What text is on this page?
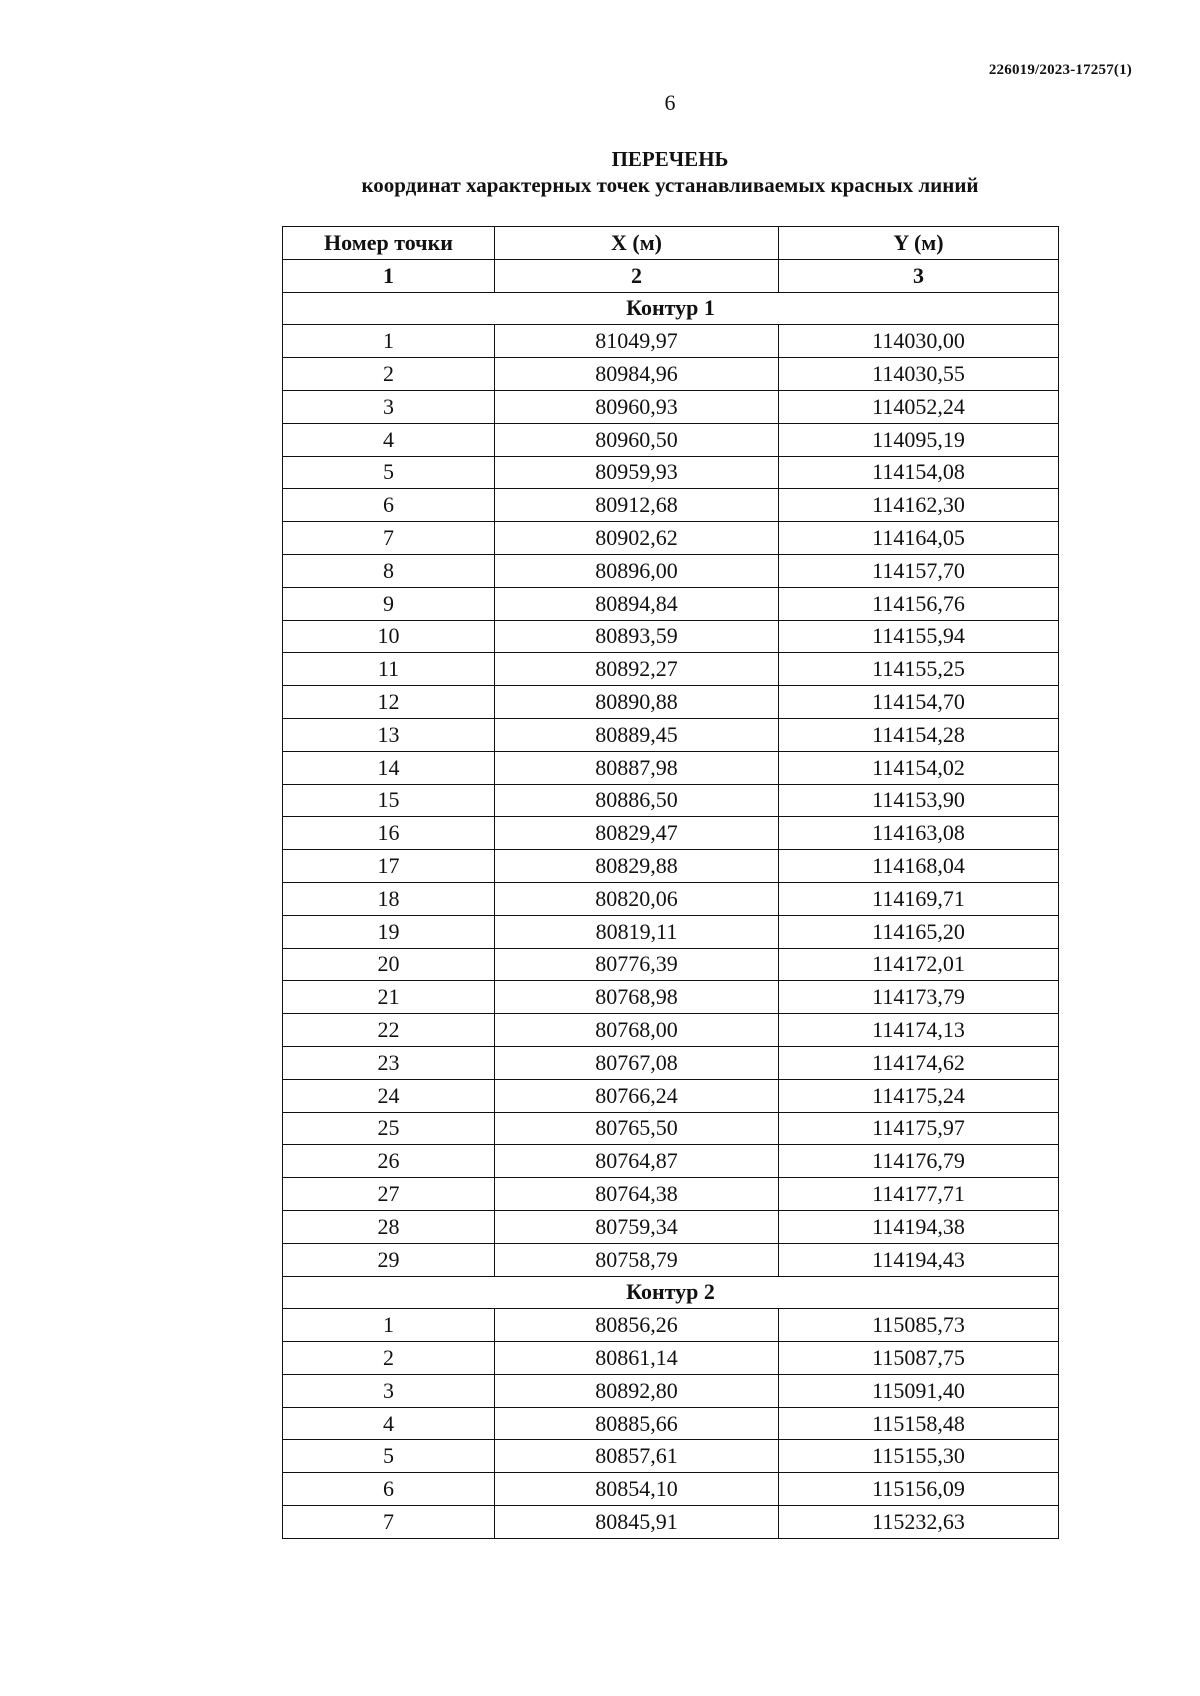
226019/2023-17257(1)
6
ПЕРЕЧЕНЬ
координат характерных точек устанавливаемых красных линий
Номер точки	X (м)	Y (м)
1	2	3
Контур 1		
1	81049,97	114030,00
2	80984,96	114030,55
3	80960,93	114052,24
4	80960,50	114095,19
5	80959,93	114154,08
6	80912,68	114162,30
7	80902,62	114164,05
8	80896,00	114157,70
9	80894,84	114156,76
10	80893,59	114155,94
11	80892,27	114155,25
12	80890,88	114154,70
13	80889,45	114154,28
14	80887,98	114154,02
15	80886,50	114153,90
16	80829,47	114163,08
17	80829,88	114168,04
18	80820,06	114169,71
19	80819,11	114165,20
20	80776,39	114172,01
21	80768,98	114173,79
22	80768,00	114174,13
23	80767,08	114174,62
24	80766,24	114175,24
25	80765,50	114175,97
26	80764,87	114176,79
27	80764,38	114177,71
28	80759,34	114194,38
29	80758,79	114194,43
Контур 2		
1	80856,26	115085,73
2	80861,14	115087,75
3	80892,80	115091,40
4	80885,66	115158,48
5	80857,61	115155,30
6	80854,10	115156,09
7	80845,91	115232,63
